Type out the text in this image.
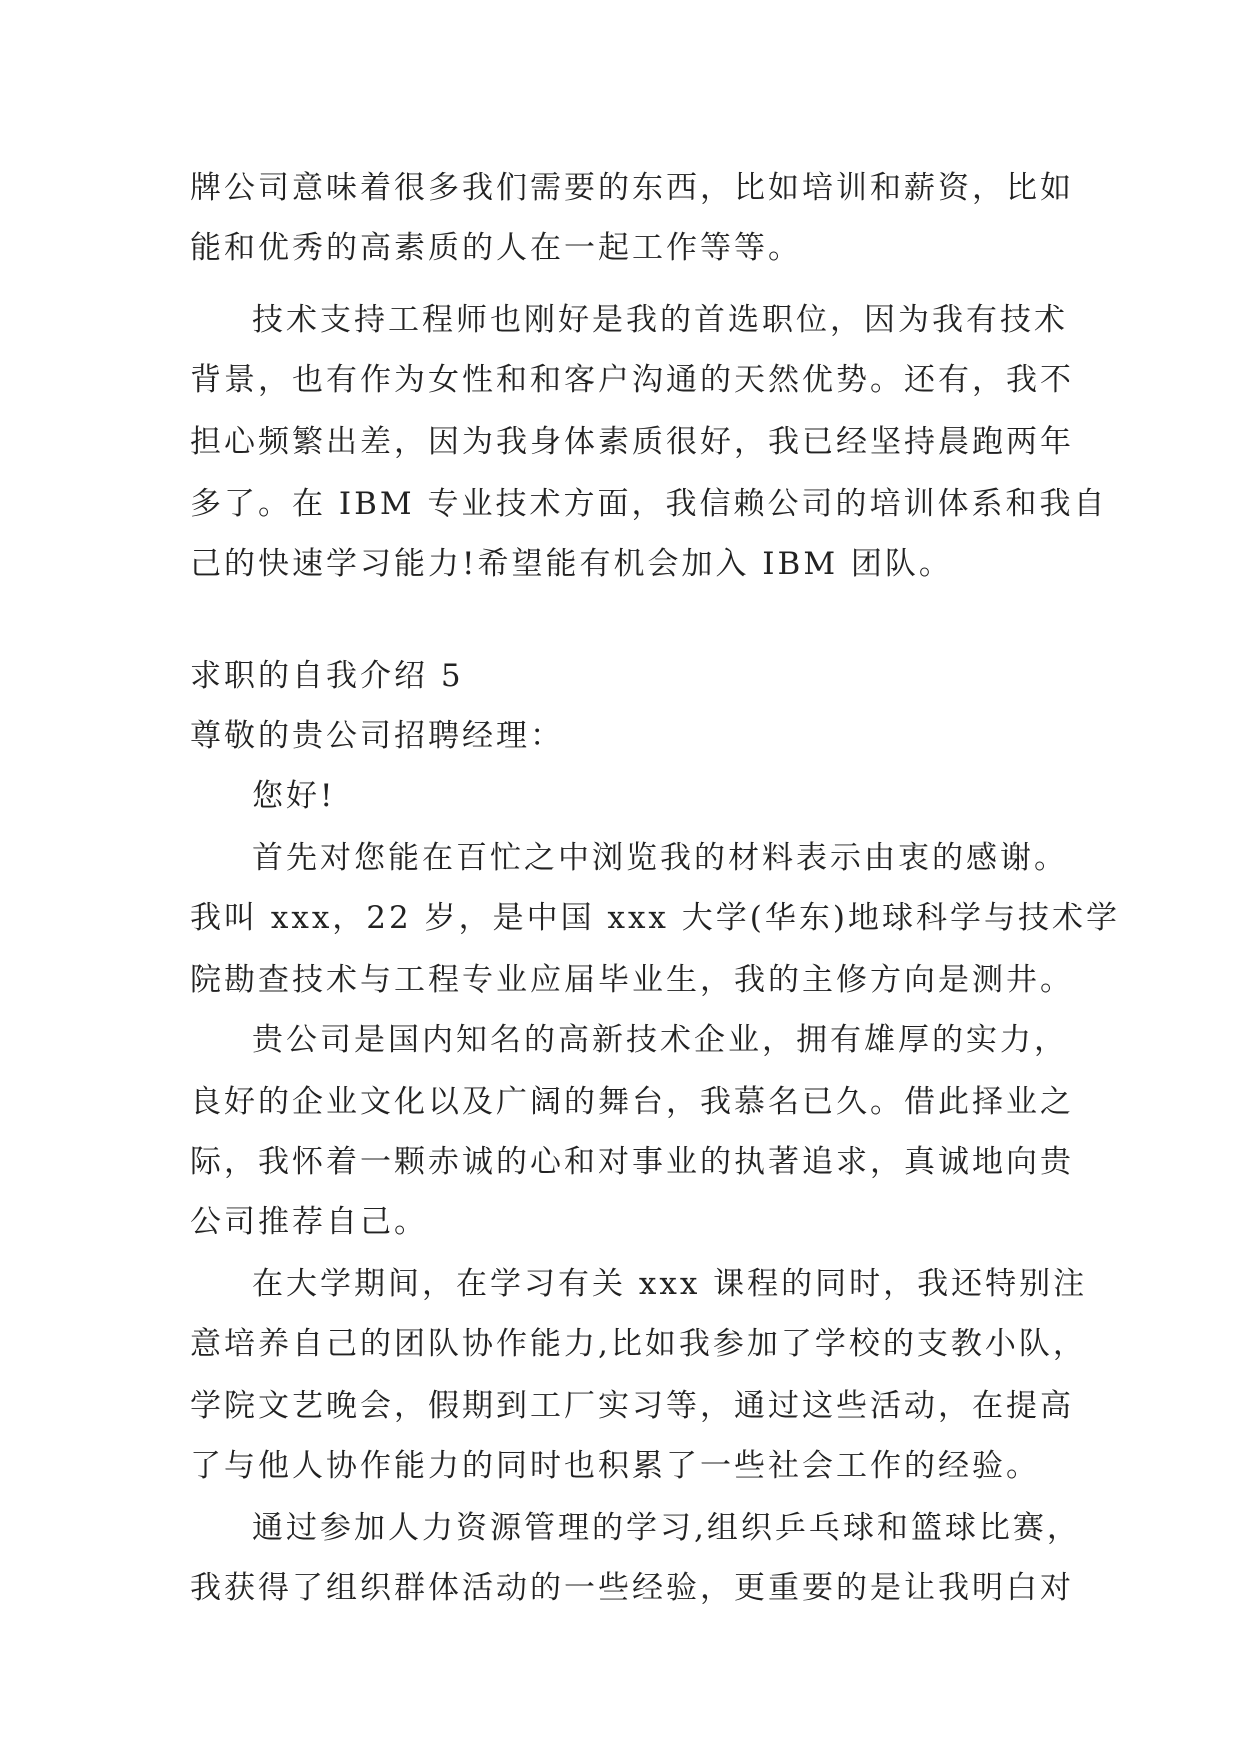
牌公司意味着很多我们需要的东西，比如培训和薪资，比如
能和优秀的高素质的人在一起工作等等。
技术支持工程师也刚好是我的首选职位，因为我有技术
背景，也有作为女性和和客户沟通的天然优势。还有，我不
担心频繁出差，因为我身体素质很好，我已经坚持晨跑两年
多了。在 IBM 专业技术方面，我信赖公司的培训体系和我自
己的快速学习能力!希望能有机会加入 IBM 团队。
求职的自我介绍 5
尊敬的贵公司招聘经理：
您好!
首先对您能在百忙之中浏览我的材料表示由衷的感谢。
我叫 xxx，22 岁，是中国 xxx 大学(华东)地球科学与技术学
院勘查技术与工程专业应届毕业生，我的主修方向是测井。
贵公司是国内知名的高新技术企业，拥有雄厚的实力，
良好的企业文化以及广阔的舞台，我慕名已久。借此择业之
际，我怀着一颗赤诚的心和对事业的执著追求，真诚地向贵
公司推荐自己。
在大学期间，在学习有关 xxx 课程的同时，我还特别注
意培养自己的团队协作能力,比如我参加了学校的支教小队，
学院文艺晚会，假期到工厂实习等，通过这些活动，在提高
了与他人协作能力的同时也积累了一些社会工作的经验。
通过参加人力资源管理的学习,组织乒乓球和篮球比赛，
我获得了组织群体活动的一些经验，更重要的是让我明白对
